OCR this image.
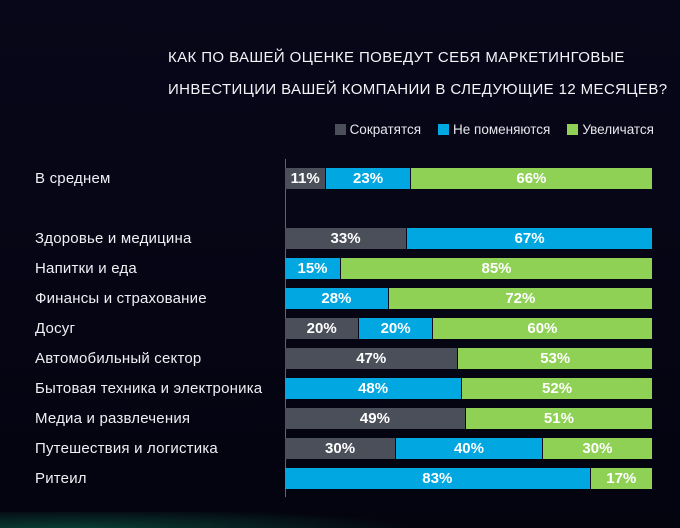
КАК ПО ВАШЕЙ ОЦЕНКЕ ПОВЕДУТ СЕБЯ МАРКЕТИНГОВЫЕ
ИНВЕСТИЦИИ ВАШЕЙ КОМПАНИИ В СЛЕДУЮЩИЕ 12 МЕСЯЦЕВ?
Сократятся Не поменяются Увеличатся
В среднем	11%	23%	66%
Здоровье и медицина	33%	67%
Напитки и еда	15%	85%
Финансы и страхование	28%	72%
Досуг	20%	20%	60%
Автомобильный сектор	47%	53%
Бытовая техника и электроника	48%	52%
Медиа и развлечения	49%	51%
Путешествия и логистика	30%	40%	30%
Ритеил	83%	17%
